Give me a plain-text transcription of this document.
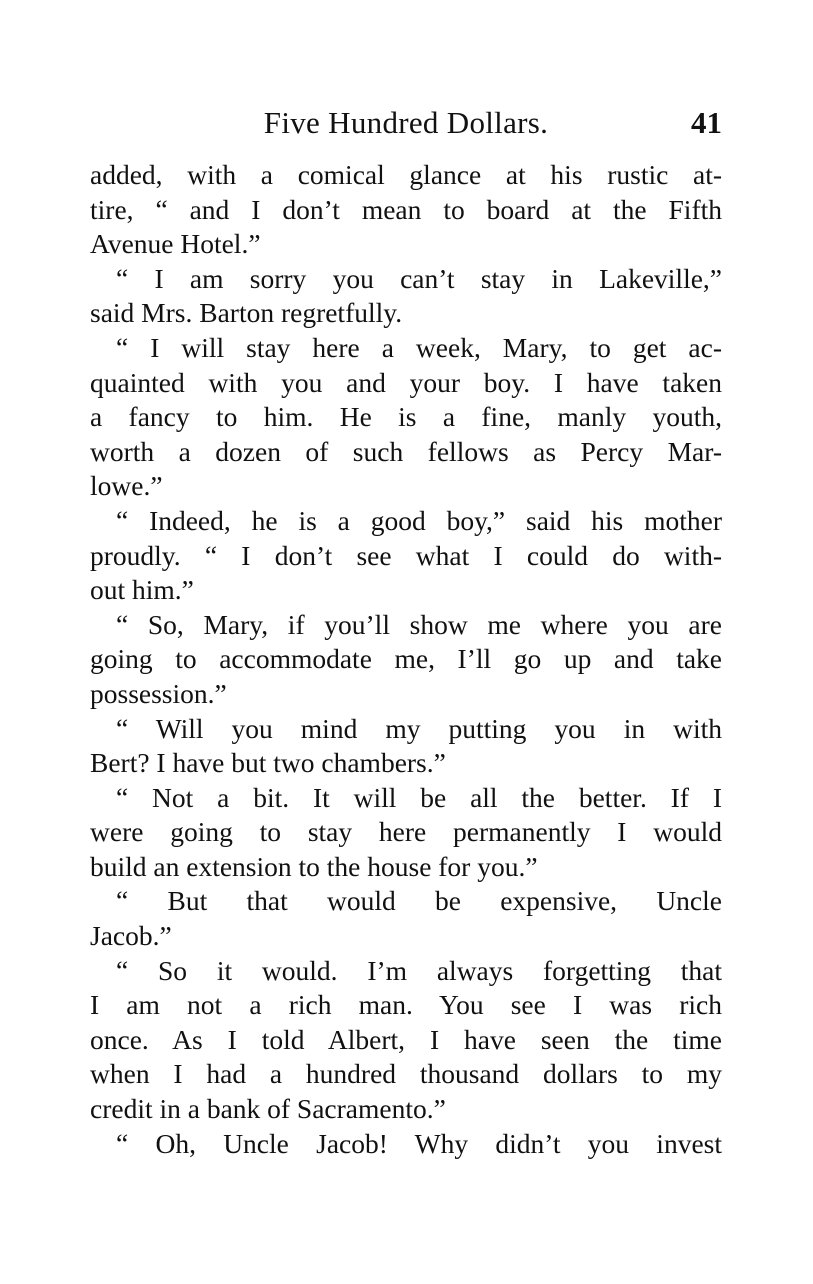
Five Hundred Dollars.	41
added, with a comical glance at his rustic at-
tire, “ and I don’t mean to board at the Fifth
Avenue Hotel.”
“ I am sorry you can’t stay in Lakeville,”
said Mrs. Barton regretfully.
“ I will stay here a week, Mary, to get ac-
quainted with you and your boy. I have taken
a fancy to him. He is a fine, manly youth,
worth a dozen of such fellows as Percy Mar-
lowe.”
“ Indeed, he is a good boy,” said his mother
proudly. “ I don’t see what I could do with-
out him.”
“ So, Mary, if you’ll show me where you are
going to accommodate me, I’ll go up and take
possession.”
“ Will you mind my putting you in with
Bert? I have but two chambers.”
“ Not a bit. It will be all the better. If I
were going to stay here permanently I would
build an extension to the house for you.”
“ But that would be expensive, Uncle
Jacob.”
“ So it would. I’m always forgetting that
I am not a rich man. You see I was rich
once. As I told Albert, I have seen the time
when I had a hundred thousand dollars to my
credit in a bank of Sacramento.”
“ Oh, Uncle Jacob! Why didn’t you invest
